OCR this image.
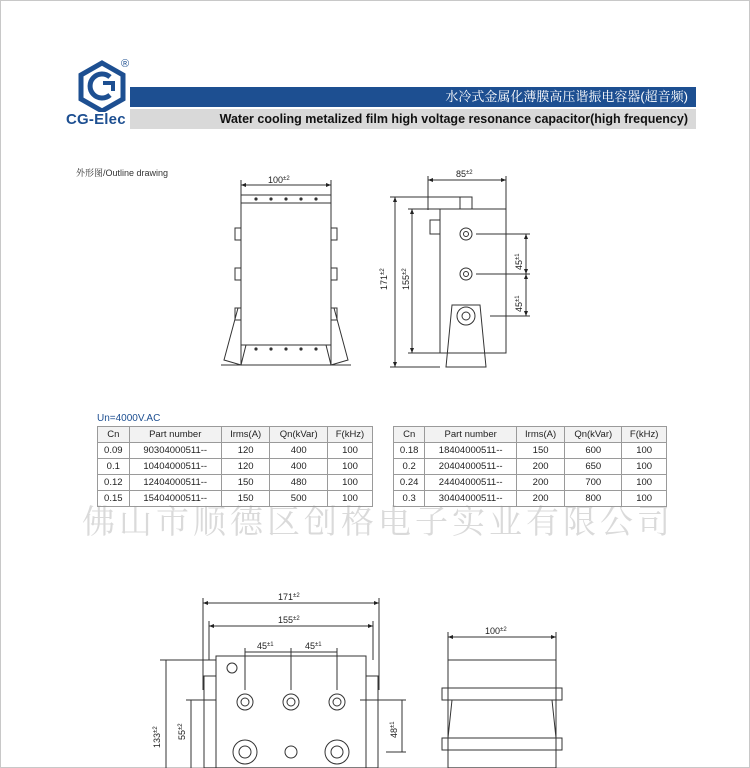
®
CG-Elec
水冷式金属化薄膜高压谐振电容器(超音频)
Water cooling metalized film high voltage resonance capacitor(high frequency)
外形图/Outline drawing
$100^{\pm 2}$	$85^{\pm 2}$
$171^{\pm 2}$
$155^{\pm 2}$
$45^{\pm 1}$
$45^{\pm 1}$
$171^{\pm 2}$
$155^{\pm 2}$
$45^{\pm 1}$	$45^{\pm 1}$
$133^{\pm 2}$
$55^{\pm 2}$
$48^{\pm 1}$
$100^{\pm 2}$
Un=4000V.AC
Cn	Part number	Irms(A)	Qn(kVar)	F(kHz)
0.09	90304000511--	120	400	100
0.1	10404000511--	120	400	100
0.12	12404000511--	150	480	100
0.15	15404000511--	150	500	100
Cn	Part number	Irms(A)	Qn(kVar)	F(kHz)
0.18	18404000511--	150	600	100
0.2	20404000511--	200	650	100
0.24	24404000511--	200	700	100
0.3	30404000511--	200	800	100
佛山市顺德区创格电子实业有限公司
